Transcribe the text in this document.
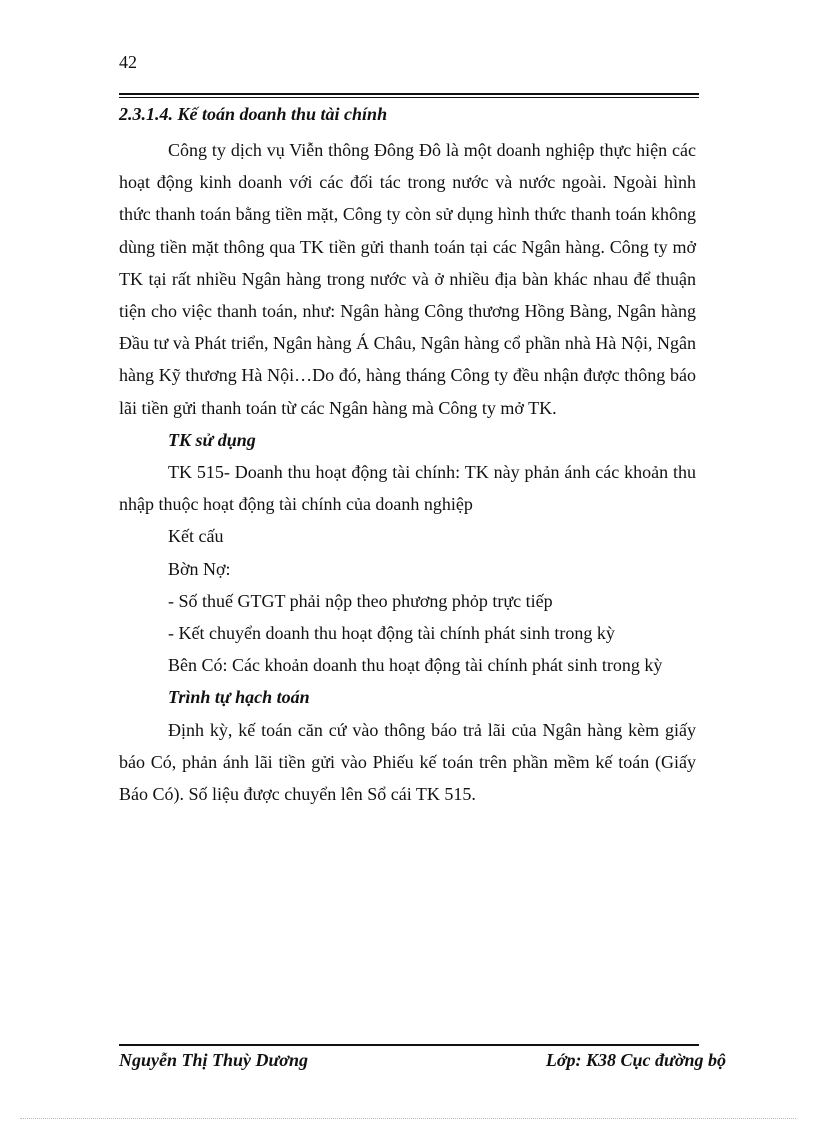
42
2.3.1.4. Kế toán doanh thu tài chính

Công ty dịch vụ Viễn thông Đông Đô là một doanh nghiệp thực hiện các hoạt động kinh doanh với các đối tác trong nước và nước ngoài. Ngoài hình thức thanh toán bằng tiền mặt, Công ty còn sử dụng hình thức thanh toán không dùng tiền mặt thông qua TK tiền gửi thanh toán tại các Ngân hàng. Công ty mở TK tại rất nhiều Ngân hàng trong nước và ở nhiều địa bàn khác nhau để thuận tiện cho việc thanh toán, như: Ngân hàng Công thương Hồng Bàng, Ngân hàng Đầu tư và Phát triển, Ngân hàng Á Châu, Ngân hàng cổ phần nhà Hà Nội, Ngân hàng Kỹ thương Hà Nội…Do đó, hàng tháng Công ty đều nhận được thông báo lãi tiền gửi thanh toán từ các Ngân hàng mà Công ty mở TK.

TK sử dụng

TK 515- Doanh thu hoạt động tài chính: TK này phản ánh các khoản thu nhập thuộc hoạt động tài chính của doanh nghiệp

Kết cấu

Bờn Nợ:

- Số thuế GTGT phải nộp theo phương phỏp trực tiếp

- Kết chuyển doanh thu hoạt động tài chính phát sinh trong kỳ

Bên Có: Các khoản doanh thu hoạt động tài chính phát sinh trong kỳ

Trình tự hạch toán

Định kỳ, kế toán căn cứ vào thông báo trả lãi của Ngân hàng kèm giấy báo Có, phản ánh lãi tiền gửi vào Phiếu kế toán trên phần mềm kế toán (Giấy Báo Có). Số liệu được chuyển lên Sổ cái TK 515.

Nguyễn Thị Thuỳ Dương	Lớp: K38 Cục đường bộ
